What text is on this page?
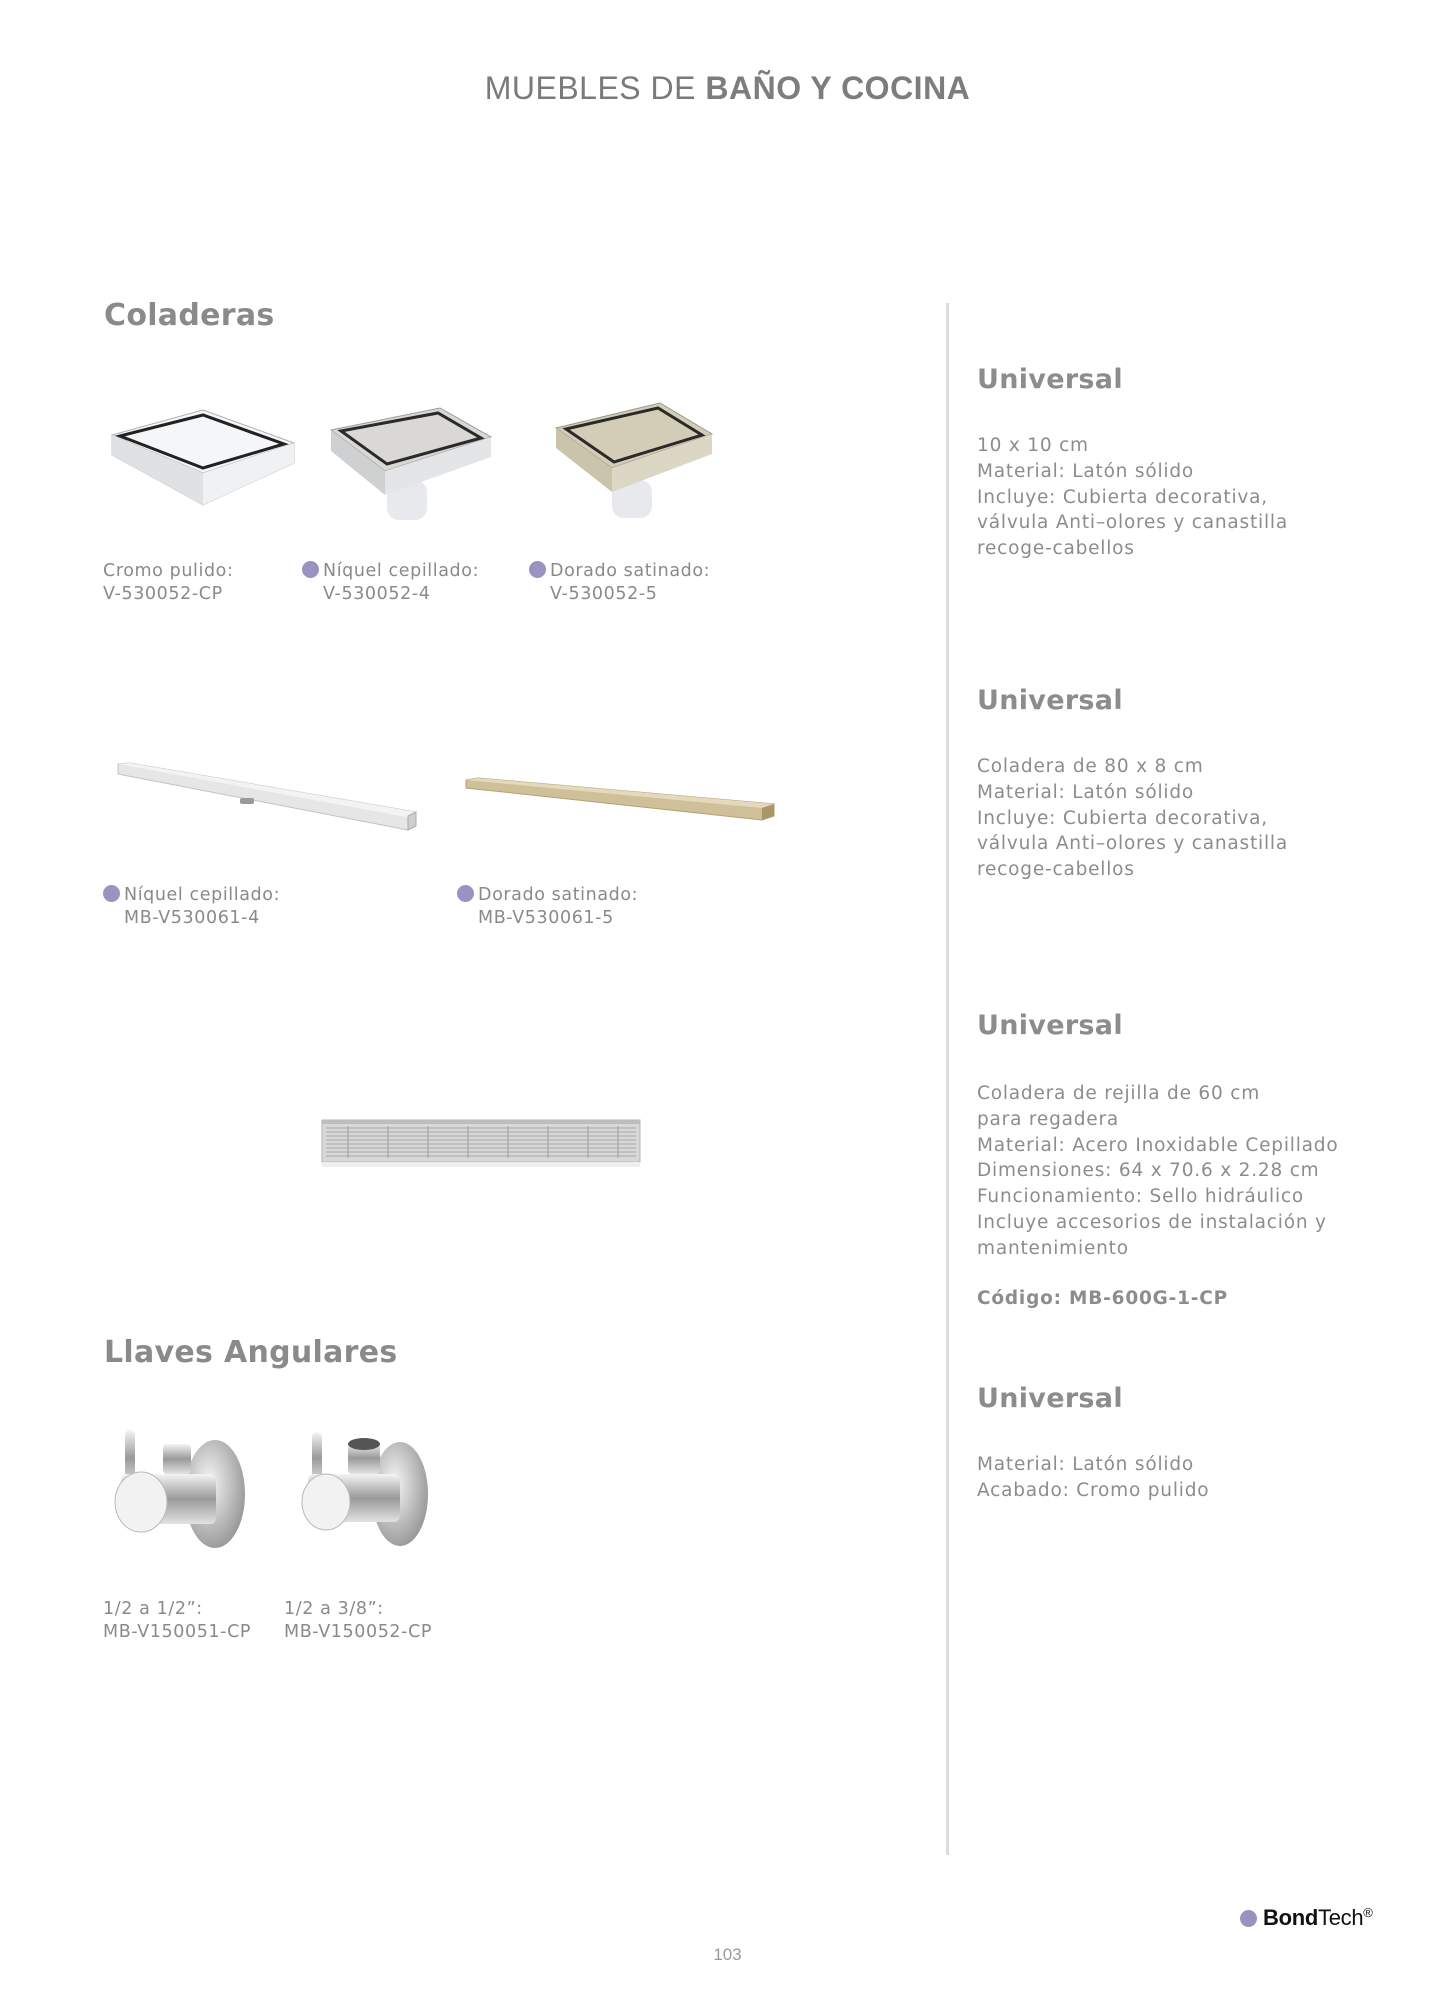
MUEBLES DE BAÑO Y COCINA
Coladeras
Cromo pulido:
V-530052-CP
Níquel cepillado:
V-530052-4
Dorado satinado:
V-530052-5
Níquel cepillado:
MB-V530061-4
Dorado satinado:
MB-V530061-5
Llaves Angulares
1/2 a 1/2”:
MB-V150051-CP
1/2 a 3/8”:
MB-V150052-CP
Universal
10 x 10 cm
Material: Latón sólido
Incluye: Cubierta decorativa,
válvula Anti–olores y canastilla
recoge-cabellos
Universal
Coladera de 80 x 8 cm
Material: Latón sólido
Incluye: Cubierta decorativa,
válvula Anti–olores y canastilla
recoge-cabellos
Universal
Coladera de rejilla de 60 cm
para regadera
Material: Acero Inoxidable Cepillado
Dimensiones: 64 x 70.6 x 2.28 cm
Funcionamiento: Sello hidráulico
Incluye accesorios de instalación y
mantenimiento
Código: MB-600G-1-CP
Universal
Material: Latón sólido
Acabado: Cromo pulido
BondTech®
103
